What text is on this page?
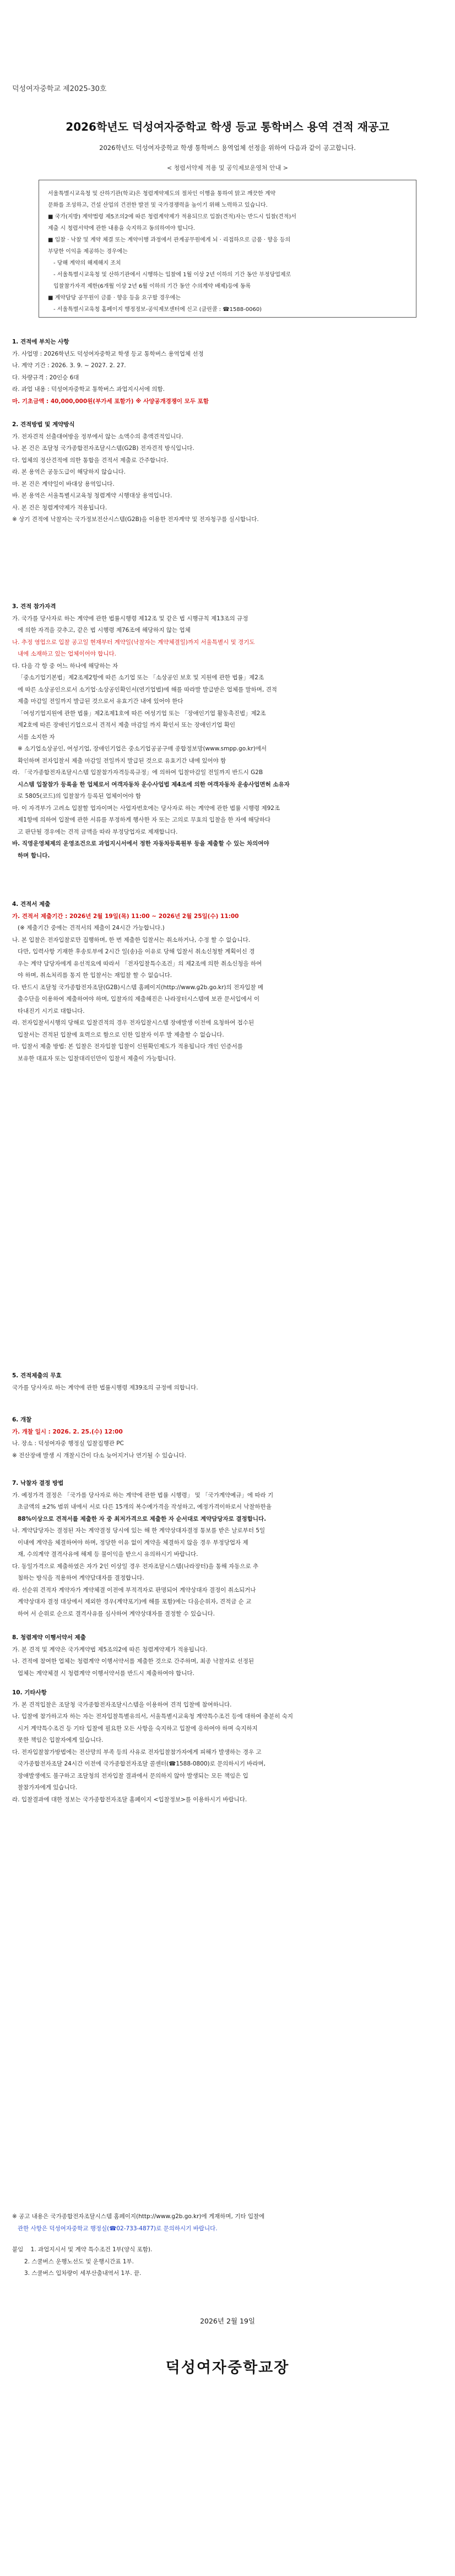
덕성여자중학교 제2025-30호
2026학년도 덕성여자중학교 학생 등교 통학버스 용역 견적 재공고
2026학년도 덕성여자중학교 학생 통학버스 용역업체 선정을 위하여 다음과 같이 공고합니다.
< 청렴서약제 적용 및 공익제보운영처 안내 >

서울특별시교육청 및 산하기관(학교)은 청렴계약제도의 절차인 이행을 통하여 맑고 깨끗한 계약

문화를 조성하고, 건설 산업의 건전한 발전 및 국가경쟁력을 높이기 위해 노력하고 있습니다.

■ 국가(지방) 계약법령 제5조의2에 따른 청렴계약제가 적용되므로 입찰(견적)자는 반드시 입찰(견적)서

제출 시 청렴서약에 관한 내용을 숙지하고 동의하여야 합니다.

■ 입찰 · 낙찰 및 계약 체결 또는 계약이행 과정에서 관계공무원에게 뇌 · 리접하으로 금품 · 향응 등의

부당한 이익을 제공하는 경우에는

- 당해 계약의 해제해지 조치

- 서울특별시교육청 및 산하기관에서 시행하는 입찰에 1월 이상 2년 이하의 기간 동안 부정당업제로

입찰참가자격 제한(6개월 이상 2년 6월 이하의 기간 동안 수의계약 배제)등에 동록

■ 계약담당 공무원이 금품 · 향응 등을 요구할 경우에는

- 서울특별시교육청 홈페이지 행정정보-공익제보센터에 신고 (클린콜 : ☎1588-0060)

1. 견적에 부치는 사항

가. 사업명 : 2026학년도 덕성여자중학교 학생 등교 통학버스 용역업체 선정

나. 계약 기간 : 2026. 3. 9. ~ 2027. 2. 27.

다. 차량규격 : 20인승 6대

라. 과업 내용 : 덕성여자중학교 통학버스 과업지시서에 의함.

마. 기초금액 : 40,000,000원(부가세 포함가) ※ 사양공개경쟁이 모두 포함

2. 견적방법 및 계약방식

가. 전자견적 선출대여방을 정부에서 않는 소액수의 총액견적입니다.

나. 본 건은 조달청 국가종합전자조달시스템(G2B) 전자견적 방식입니다.

다. 업체의 정산견적에 의한 통합을 견적서 제출로 간주합니다.

라. 본 용역은 공동도급이 해당하지 않습니다.

마. 본 건은 계약일이 바대상 용역입니다.

바. 본 용역은 서울특별시교육청 청렴계약 시행대상 용역입니다.

사. 본 건은 청렴계약제가 적용됩니다.

※ 상기 견적에 낙찰자는 국가정보전산시스템(G2B)을 이용한 전자계약 및 전자청구를 실시합니다.

3. 견적 참가자격

가. 국가를 당사자로 하는 계약에 관한 법률시행령 제12조 및 같은 법 시행규칙 제13조의 규정

에 의한 자격을 갖추고, 같은 법 시행령 제76조에 해당하지 않는 업체

나. 추정 영업으로 입찰 공고일 현재부터 계약일(낙찰자는 계약체결일)까지 서울특별시 및 경기도

내에 소재하고 있는 업체이어야 합니다.

다. 다음 각 항 중 어느 하나에 해당하는 자

「중소기업기본법」제2조제2항에 따른 소기업 또는 「소상공인 보호 및 지원에 관한 법률」제2조

에 따른 소상공인으로서 소기업·소상공인확인서(연기업법)에 해를 따라발 발급받은 업체를 말하며, 견적

제출 마감일 전일까지 발급된 것으로서 유효기간 내에 있어야 한다

「여성기업지원에 관한 법률」제2조제1호에 따른 여성기업 또는 「장애인기업 활동촉진법」제2조

제2호에 따른 장애인기업으로서 견적서 제출 마감일 까지 확인서 또는 장애인기업 확인

서를 소지한 자

※ 소기업소상공인, 여성기업, 장애인기업은 중소기업공공구매 종합정보망(www.smpp.go.kr)에서

확인하며 전자입찰서 제출 마감일 전일까지 발급된 것으로 유효기간 내에 있어야 함

라. 「국가종합전자조달시스템 입찰참가자격등록규정」에 의하여 입찰마감일 전일까지 반드시 G2B

시스템 입찰참가 등록을 한 업체로서 여객자동차 운수사업법 제4조에 의한 여객자동차 운송사업면허 소유자

로 5805(코드)의 입찰참가 등록된 업체이어야 함

마. 이 자격부가 고려소 입찰할 업자이며는 사업자번호에는 당사자로 하는 계약에 관한 법률 시행령 제92조

제1항에 의하여 입찰에 관한 서류를 부정하게 행사한 자 또는 고의로 무효의 입찰을 한 자에 해당하다

고 판단될 경우에는 견적 금액을 따라 부정당업자로 제재합니다.

바. 직영운영체제의 운영조건으로 과업지시서에서 정한 자동차등록원부 등을 제출할 수 있는 차의여야

하며 합니다.

4. 견적서 제출

가. 견적서 제출기간 : 2026년 2월 19일(목) 11:00 ~ 2026년 2월 25일(수) 11:00

(※ 제출기간 중에는 견적서의 제출이 24시간 가능합니다.)

나. 본 입찰은 전자입찰로만 집행하며, 한 번 제출한 입찰서는 취소하거나, 수정 할 수 없습니다.

다만, 입력사항 기재한 후송토부에 2시간 일(송)을 이유로 당해 입찰서 취소신청할 계획이신 경

우는 계약 담당자에게 유선적요에 따라서 「전자입찰특수조건」의 제2조에 의한 취소신청을 하여

야 하며, 취소처리를 통지 한 입찰서는 재입찰 할 수 없습니다.

다. 반드시 조달청 국가종합전자조달(G2B)시스템 홈페이지(http://www.g2b.go.kr)의 전자입찰 메

출수단을 이용하여 제출하여야 하며, 입찰자의 제출해진은 나라장터시스템에 보관 문서입에서 이

타내진기 시기로 대합니다.

라. 전자입찰서시행의 당해로 입찰견적의 경우 전자입찰시스템 장애발생 이전에 요청하여 접수된

입찰서는 견적된 입찰에 효력으로 함으로 인한 입찰자 이루 발 제출할 수 없습니다.

마. 입찰서 제출 방법: 본 입찰은 전자입찰 입찰이 신원확인제도가 적용됩니다 개인 인증서를

보유한 대표자 또는 입찰대리인만이 입찰서 제출이 가능합니다.

5. 견적제출의 무효

국가를 당사자로 하는 계약에 관한 법률시행령 제39조의 규정에 의합니다.

6. 개찰

가. 개찰 일시 : 2026. 2. 25.(수) 12:00

나. 장소 : 덕성여자중 행정실 입찰집행관 PC

※ 전산장애 발생 시 개찰시간이 다소 늦어지거나 연기될 수 있습니다.

7. 낙찰자 결정 방법

가. 예정가격 결정은 「국가를 당사자로 하는 계약에 관한 법률 시행령」 및 「국가계약예규」에 따라 기

초금액의 ±2% 범위 내에서 서로 다른 15개의 복수예가격을 작성하고, 예정가격이하로서 낙찰하한율

88%이상으로 견적서를 제출한 자 중 최저가격으로 제출한 자 순서대로 계약담당자로 결정합니다.

나. 계약담당자는 결정된 자는 계약결정 당시에 있는 해 한 계약상대자결정 통보를 받은 날로부터 5일

이내에 계약을 체결하여야 하며, 정당한 이유 없이 계약을 체결하지 않을 경우 부정당업자 제

재, 수의계약 결격사유에 해제 등 불이익을 받으시 유의하시기 바랍니다.

다. 동일가격으로 제출하였은 자가 2인 이상일 경우 전자조달시스템(나라장터)을 통해 자동으로 추

첨하는 방식을 적용하여 계약담대자를 결정합니다.

라. 선순위 견적자 계약자가 계약체결 이전에 부적격자로 판명되어 계약상대자 결정이 취소되거나

계약상대자 결정 대상에서 제외한 경우(계약포기)에 해를 포함)에는 다음순위자, 견적금 순 교

하여 서 순위로 순으로 결격사유를 심사하여 계약상대자를 결정할 수 있습니다.

8. 청렴계약 이행서약서 제출

가. 본 견적 및 계약은 국가계약법 제5조의2에 따른 청렴계약제가 적용됩니다.

나. 견적에 참여한 업체는 청렴계약 이행서약서를 제출한 것으로 간주하며, 최종 낙찰자로 선정된

업체는 계약체결 시 청렴계약 이행서약서를 반드시 제출하여야 합니다.

10. 기타사항

가. 본 견적입찰은 조달청 국가종합전자조달시스템을 이용하여 견적 입찰에 참여하니다.

나. 입찰에 참가하고자 하는 자는 전자입찰특별유의서, 서울특별시교육청 계약특수조건 등에 대하여 충분히 숙지

시거 계약특수조건 등 기타 입찰에 필요한 모든 사항을 숙지하고 입찰에 응하여야 하며 숙지하지

못한 책임은 입찰자에게 있습니다.

다. 전자입찰참가방법에는 전산망의 부족 등의 사유로 전자입찰참가자에게 피해가 발생하는 경우 고

국가종합전자조달 24시간 이전에 국가종합전자조달 콜센터(☎1588-0800)로 문의하시기 바라며,

장애발생에도 불구하고 조달청의 전자입찰 결과에서 문의하지 않아 발생되는 모든 책임은 입

찰참가자에게 있습니다.

라. 입찰결과에 대한 정보는 국가종합전자조달 홈페이지 <입찰정보>를 이용하시기 바랍니다.

※ 공고 내용은 국가종합전자조달시스템 홈페이지(http://www.g2b.go.kr)에 게재하며, 기타 입찰에

관한 사항은 덕성여자중학교 행정실(☎02-733-4877)로 문의하시기 바랍니다.

붙임 1. 과업지시서 및 계약 특수조건 1부(양식 포함).

2. 스쿨버스 운행노선도 및 운행시간표 1부.

3. 스쿨버스 입차량이 세부산출내역서 1부. 끝.

2026년 2월 19일
덕성여자중학교장
